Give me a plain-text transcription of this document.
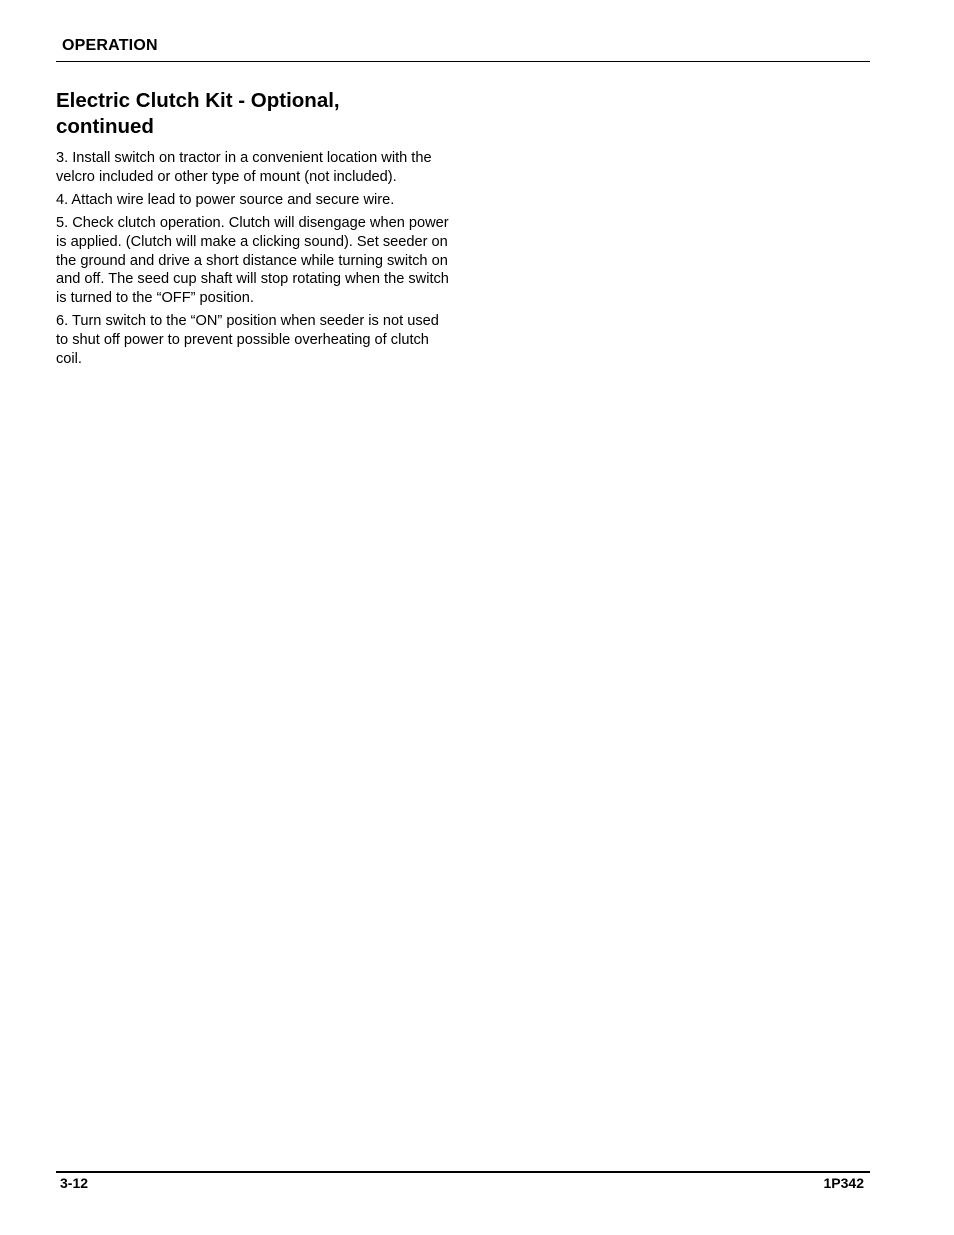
OPERATION
Electric Clutch Kit - Optional,
continued

3. Install switch on tractor in a convenient location with the velcro included or other type of mount (not included).

4. Attach wire lead to power source and secure wire.

5. Check clutch operation. Clutch will disengage when power is applied. (Clutch will make a clicking sound). Set seeder on the ground and drive a short distance while turning switch on and off. The seed cup shaft will stop rotating when the switch is turned to the “OFF” position.

6. Turn switch to the “ON” position when seeder is not used to shut off power to prevent possible overheating of clutch coil.

3-12	1P342
